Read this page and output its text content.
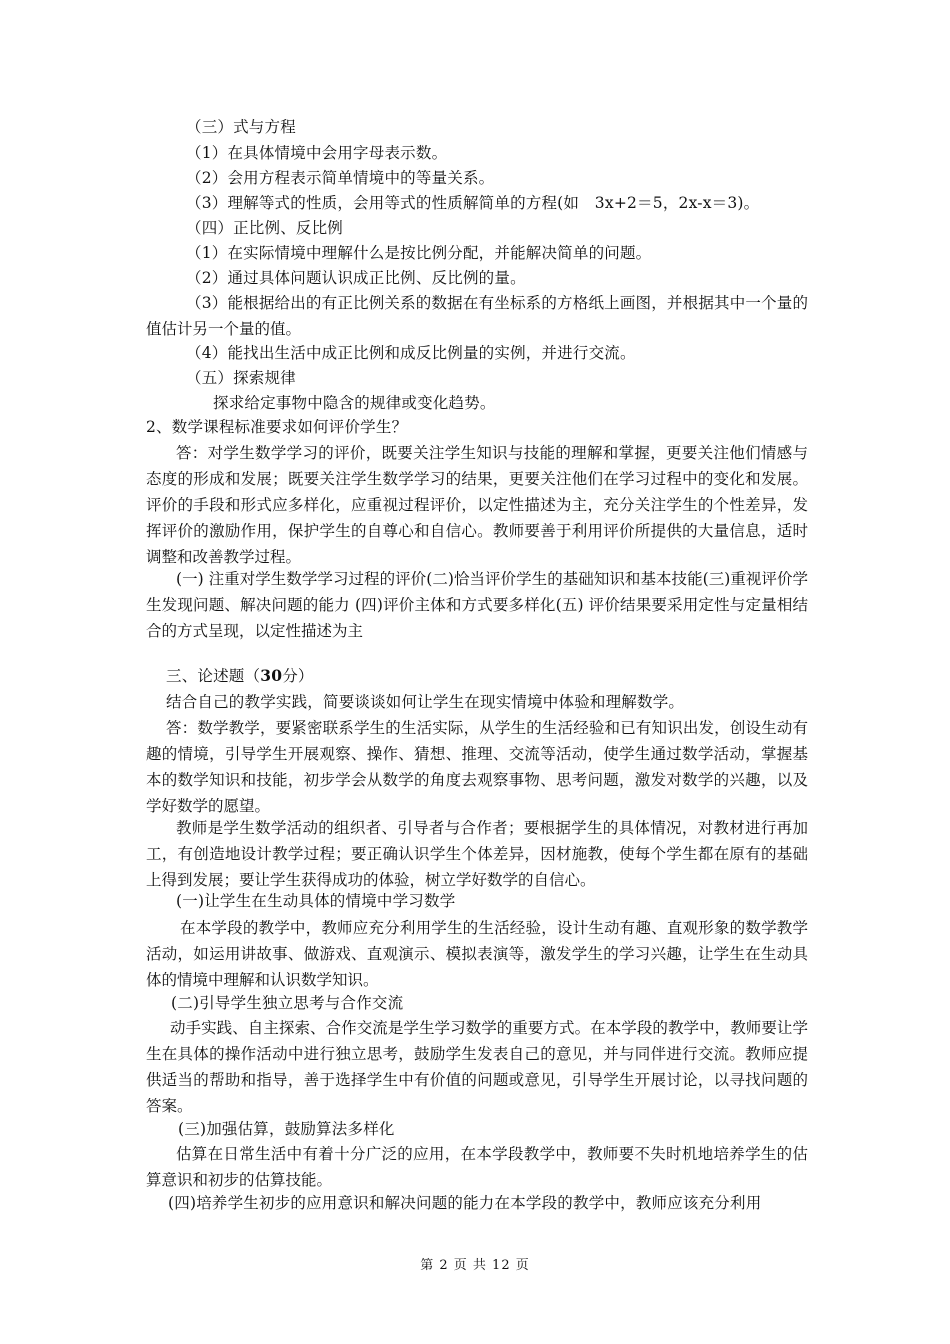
（三）式与方程
（1）在具体情境中会用字母表示数。
（2）会用方程表示简单情境中的等量关系。
（3）理解等式的性质，会用等式的性质解简单的方程(如　3x+2＝5，2x-x＝3)。
（四）正比例、反比例
（1）在实际情境中理解什么是按比例分配，并能解决简单的问题。
（2）通过具体问题认识成正比例、反比例的量。
（3）能根据给出的有正比例关系的数据在有坐标系的方格纸上画图，并根据其中一个量的值估计另一个量的值。
（4）能找出生活中成正比例和成反比例量的实例，并进行交流。
（五）探索规律
探求给定事物中隐含的规律或变化趋势。
2、数学课程标准要求如何评价学生？
答：对学生数学学习的评价，既要关注学生知识与技能的理解和掌握，更要关注他们情感与态度的形成和发展；既要关注学生数学学习的结果，更要关注他们在学习过程中的变化和发展。评价的手段和形式应多样化，应重视过程评价，以定性描述为主，充分关注学生的个性差异，发挥评价的激励作用，保护学生的自尊心和自信心。教师要善于利用评价所提供的大量信息，适时调整和改善教学过程。
(一) 注重对学生数学学习过程的评价(二)恰当评价学生的基础知识和基本技能(三)重视评价学生发现问题、解决问题的能力 (四)评价主体和方式要多样化(五) 评价结果要采用定性与定量相结合的方式呈现，以定性描述为主
三、论述题（30分）
结合自己的教学实践，简要谈谈如何让学生在现实情境中体验和理解数学。
答：数学教学，要紧密联系学生的生活实际，从学生的生活经验和已有知识出发，创设生动有趣的情境，引导学生开展观察、操作、猜想、推理、交流等活动，使学生通过数学活动，掌握基本的数学知识和技能，初步学会从数学的角度去观察事物、思考问题，激发对数学的兴趣，以及学好数学的愿望。
教师是学生数学活动的组织者、引导者与合作者；要根据学生的具体情况，对教材进行再加工，有创造地设计教学过程；要正确认识学生个体差异，因材施教，使每个学生都在原有的基础上得到发展；要让学生获得成功的体验，树立学好数学的自信心。
(一)让学生在生动具体的情境中学习数学
在本学段的教学中，教师应充分利用学生的生活经验，设计生动有趣、直观形象的数学教学活动，如运用讲故事、做游戏、直观演示、模拟表演等，激发学生的学习兴趣，让学生在生动具体的情境中理解和认识数学知识。
(二)引导学生独立思考与合作交流
动手实践、自主探索、合作交流是学生学习数学的重要方式。在本学段的教学中，教师要让学生在具体的操作活动中进行独立思考，鼓励学生发表自己的意见，并与同伴进行交流。教师应提供适当的帮助和指导，善于选择学生中有价值的问题或意见，引导学生开展讨论，以寻找问题的答案。
(三)加强估算，鼓励算法多样化
估算在日常生活中有着十分广泛的应用，在本学段教学中，教师要不失时机地培养学生的估　算意识和初步的估算技能。
(四)培养学生初步的应用意识和解决问题的能力在本学段的教学中，教师应该充分利用
第 2 页 共 12 页
